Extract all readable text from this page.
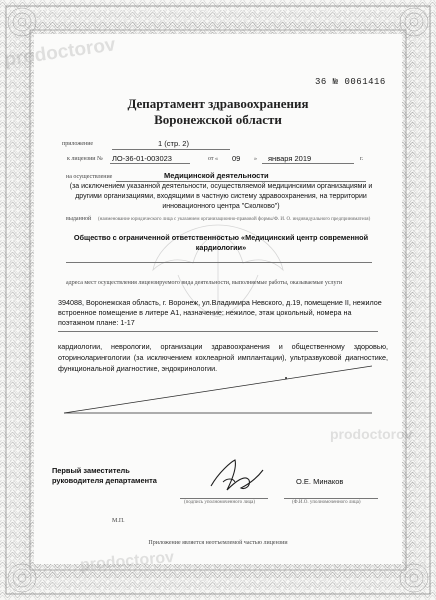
prodoctorov
prodoctorov
prodoctorov
36 № 0061416
Департамент здравоохранения
Воронежской области
приложение	1 (стр. 2)
к лицензии № ЛО-36-01-003023	от « 09 » января 2019	г.
на осуществление	Медицинской деятельности
(за исключением указанной деятельности, осуществляемой медицинскими организациями и другими организациями, входящими в частную систему здравоохранения, на территории инновационного центра "Сколково")
выданной (наименование юридического лица с указанием организационно-правовой формы/Ф. И. О. индивидуального предпринимателя)
Общество с ограниченной ответственностью «Медицинский центр современной кардиологии»
адреса мест осуществления лицензируемого вида деятельности, выполняемые работы, оказываемые услуги
394088, Воронежская область, г. Воронеж, ул.Владимира Невского, д.19, помещение II, нежилое встроенное помещение в литере А1, назначение: нежилое, этаж цокольный, номера на поэтажном плане: 1-17
кардиологии, неврологии, организации здравоохранения и общественному здоровью, оториноларингологии (за исключением кохлеарной имплантации), ультразвуковой диагностике, функциональной диагностике, эндокринологии.
Первый заместитель руководителя департамента
(подпись уполномоченного лица)
О.Е. Минаков
(Ф.И.О. уполномоченного лица)
М.П.
Приложение является неотъемлемой частью лицензии
